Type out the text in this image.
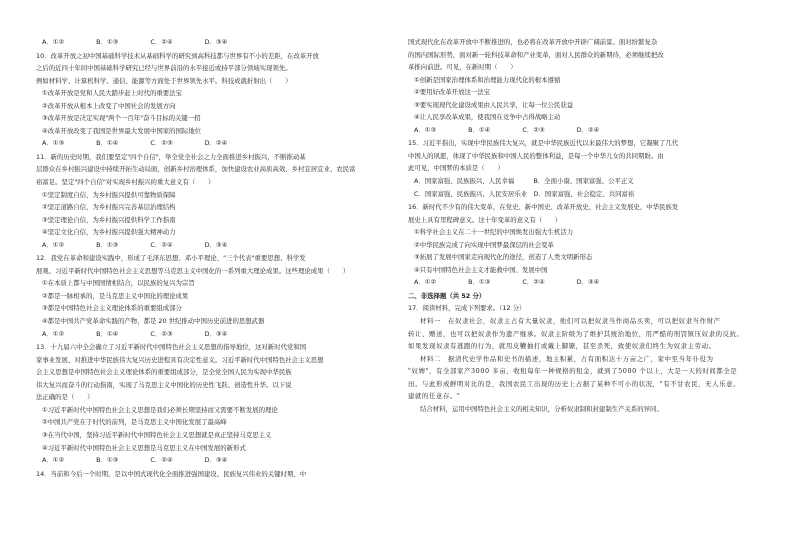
A．①②　　　　　B．①③　　　　　C．②④　　　　　D．③④
10．改革开放之初中国基础科学技术从基础科学的研究到高科技都与世界有不小的差距，在改革开放
之后的近四十年间中国基础科学研究已经与世界前沿的水平接近或持平部分领域实现领先。
例如材料学、计算机科学、通信、能源等方面处于世界领先水平。科技成就折射出（　　）
①改革开放是党和人民大踏步赶上时代的重要法宝
②改革开放从根本上改变了中国社会的发展方向
③改革开放是决定实现"两个一百年"奋斗目标的关键一招
④改革开放改变了我国是世界最大发展中国家的国际地位
A．①③　　　　　B．①④　　　　　C．②③　　　　　D．②④
11．新的历史时期，我们要坚定"四个自信"，举全党全社会之力全面推进乡村振兴，不断推动基
层群众在乡村振兴建设中持续开拓生动局面，创新乡村治理体系，加快建设农业高质高效、乡村宜居宜业、农民富
裕富足。坚定"四个自信"对实现乡村振兴的重大意义有（　　）
①坚定制度自信，为乡村振兴提供可靠物质保障
②坚定道路自信，为乡村振兴完善基层治理结构
③坚定理论自信，为乡村振兴提供科学工作指南
④坚定文化自信，为乡村振兴提供强大精神动力
A．①②　　　　　B．①③　　　　　C．②④　　　　　D．③④
12．我党在革命和建设实践中，形成了毛泽东思想、邓小平理论、"三个代表"重要思想、科学发
展观、习近平新时代中国特色社会主义思想等马克思主义中国化的一系列重大理论成果。这些理论成果（　　）
①在本质上都与中国国情相结合，以民族的复兴为宗旨
②都是一脉相承的，是马克思主义中国化的理论成果
③都是中国特色社会主义理论体系的重要组成部分
④都是中国共产党革命实践的产物，都是 20 世纪推动中国历史前进的思想武器
A．①②　　　　　B．①④　　　　　C．②③　　　　　D．③④
13．十九届六中全会确立了习近平新时代中国特色社会主义思想的指导地位，这对新时代党和国
家事业发展、对推进中华民族伟大复兴历史进程具有决定性意义。习近平新时代中国特色社会主义思想
会主义思想是中国特色社会主义理论体系的重要组成部分，是全党全国人民为实现中华民族
伟大复兴而奋斗的行动指南，实现了马克思主义中国化的历史性飞跃、创造性升华。以下说
法正确的是（　　）
①习近平新时代中国特色社会主义思想是我们必须长期坚持而又需要不断发展的理论
②中国共产党在于时代的前列，是马克思主义中国化发展了最高峰
③在当代中国，坚持习近平新时代中国特色社会主义思想就是真正坚持马克思主义
④习近平新时代中国特色社会主义思想是马克思主义在中国发展的新形式
A．①②　　　　　B．①③　　　　　C．②④　　　　　D．③④
14．当前和今后一个时期，是以中国式现代化全面推进强国建设、民族复兴伟业的关键时期，中
国式现代化在改革开放中不断推进的，也必将在改革开放中开辟广阔前景。面对纷繁复杂
的国内国际形势，面对新一轮科技革命和产业变革，面对人民群众的新期待，必须继续把改
革推向前进。可见，在新时期（　　）
①创新是国家治理体系和治理能力现代化的根本遵循
②要用好改革开放这一法宝
③要实现现代化建设成果由人民共享，让每一位公民获益
④让人民享改革成果，使我国在竞争中占得战略主动
A．①③　　　　　B．①④　　　　　C．②③　　　　　D．②④
15．习近平指出，实现中华民族伟大复兴，就是中华民族近代以来最伟大的梦想，它凝聚了几代
中国人的夙愿，体现了中华民族和中国人民的整体利益，是每一个中华儿女的共同期盼。由
此可见，中国梦的本质是（　　）
A．国家富强、民族振兴、人民幸福　　　B．全面小康、国家富强、公平正义
C．国家富强、民族振兴、人民安居乐业　D．国家富强、社会稳定、共同富裕
16．新时代不少有的伟大变革，在党史、新中国史、改革开放史、社会主义发展史、中华民族发
展史上具有里程碑意义。这十年变革的意义有（　　）
①科学社会主义在二十一世纪的中国焕发出强大生机活力
②中华民族完成了向实现中国梦最深层的社会变革
③拓展了发展中国家走向现代化的途径，创造了人类文明新形态
④只有中国特色社会主义才能救中国、发展中国
A．①②　　　　　B．①③　　　　　C．②④　　　　　D．③④
二、非选择题（共 52 分）
17．阅读材料，完成下列要求。（12 分）
材料一　在奴隶社会，奴隶主占有大量奴隶，他们可以把奴隶当作商品买卖，可以把奴隶当作财产
转让、赠送，也可以把奴隶作为遗产继承。奴隶主阶级为了维护其统治地位，用严酷的刑罚镇压奴隶的反抗。
如果发现奴隶有逃跑的行为，就用皮鞭抽打或戴上脚镣，甚至杀死，致使奴隶们终生为奴隶主劳动。
材料二　据清代史学作品和史书的描述，地主积累，占有面积达十万亩之广，家中至当年仆役为
"奴婢"，有全部家产3000 多亩，收租每年一种规格的租金，就到了5000 个以上，大是一天的时间都全是
田。与此形成鲜明对比的是，我国农民工出现的历史上占据了某种不可小的状况，"有不甘农民，无人乐意。
建就的任意存。"
结合材料，运用中国特色社会主义的相关知识，分析奴隶制和封建制生产关系的异同。
